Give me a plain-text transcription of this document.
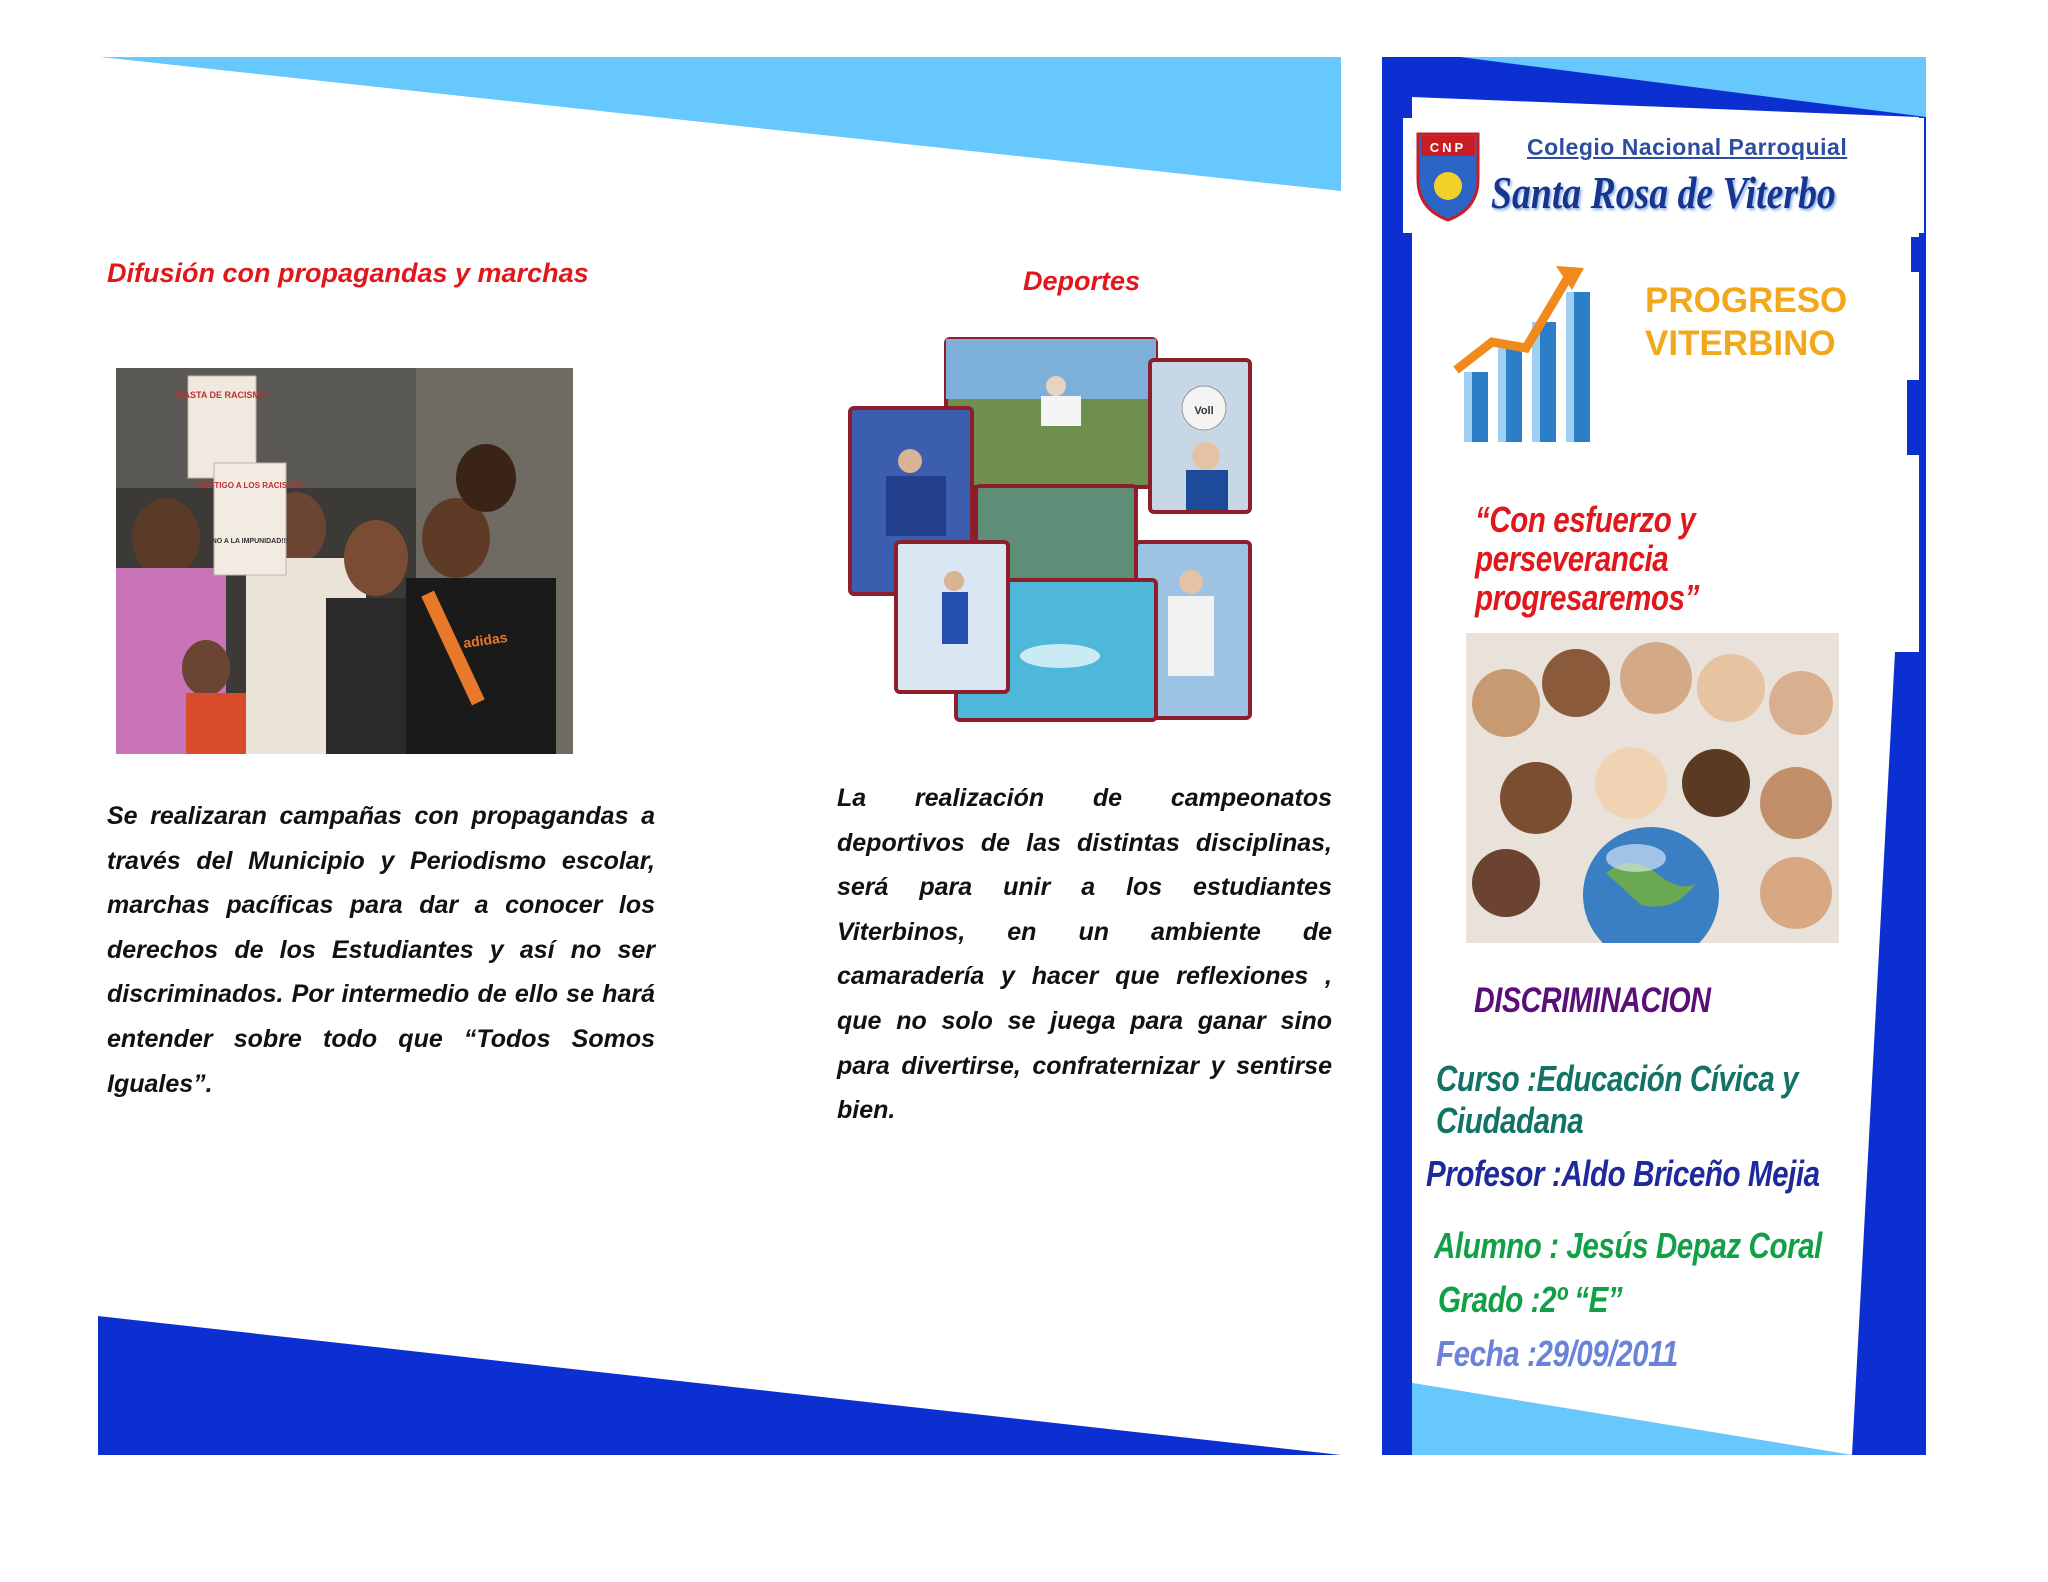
Difusión con propagandas y marchas
BASTA DE RACISMO
CASTIGO A LOS RACISTAS
NO A LA IMPUNIDAD!!!
adidas

Se realizaran campañas con propagandas a través del Municipio y Periodismo escolar, marchas pacíficas para dar a conocer los derechos de los Estudiantes y así no ser discriminados. Por intermedio de ello se hará entender sobre todo que “Todos Somos Iguales”.

Deportes
Voll

La realización de campeonatos deportivos de las distintas disciplinas, será para unir a los estudiantes Viterbinos, en un ambiente de camaradería y hacer que reflexiones , que no solo se juega para ganar sino para divertirse, confraternizar y sentirse bien.

CNP	Colegio Nacional Parroquial
Santa Rosa de Viterbo
PROGRESO
VITERBINO
“Con esfuerzo y
perseverancia
progresaremos”
DISCRIMINACION
Curso :Educación Cívica y
Ciudadana
Profesor :Aldo Briceño Mejia
Alumno : Jesús Depaz Coral
Grado :2º “E”
Fecha :29/09/2011
